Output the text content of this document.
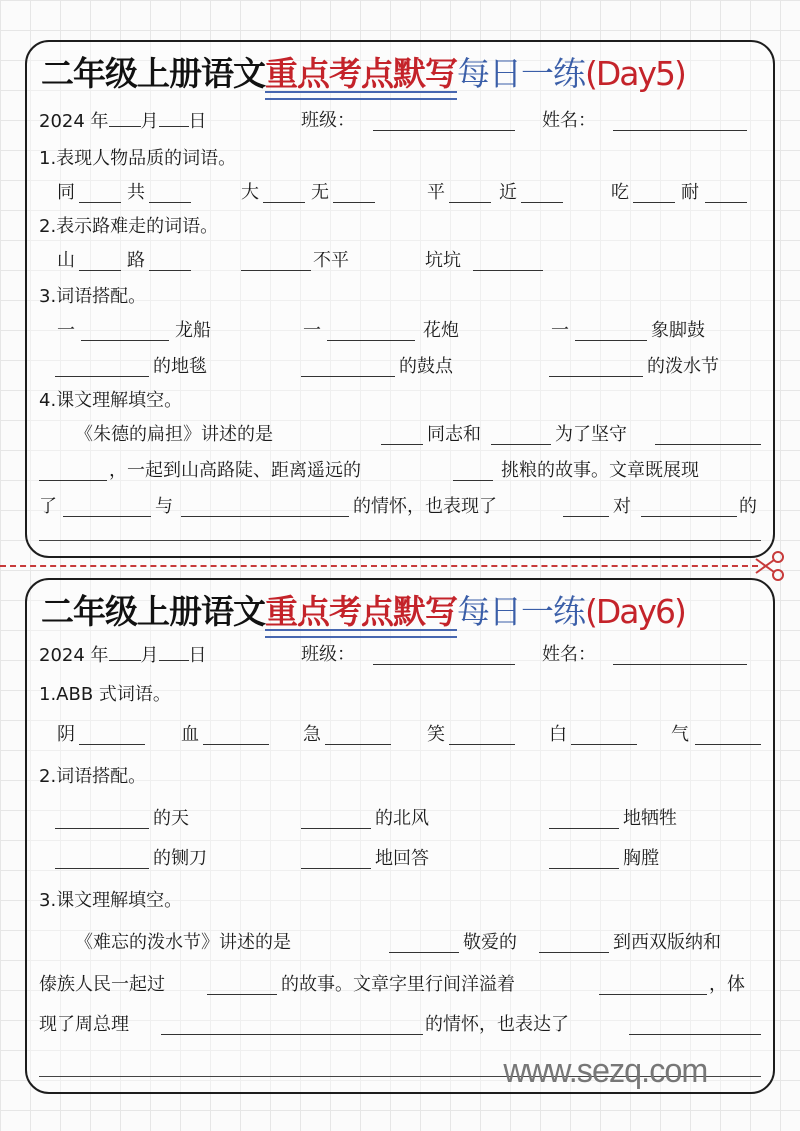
二年级上册语文重点考点默写每日一练(Day5)
2024 年 月 日	班级：	姓名：
1.表现人物品质的词语。
同	共	大	无	平	近	吃	耐
2.表示路难走的词语。
山	路	不平	坑坑
3.词语搭配。
一	龙船	一	花炮	一	象脚鼓
的地毯	的鼓点	的泼水节
4.课文理解填空。
《朱德的扁担》讲述的是	同志和	为了坚守
，一起到山高路陡、距离遥远的	挑粮的故事。文章既展现
了	与	的情怀，也表现了	对	的
二年级上册语文重点考点默写每日一练(Day6)
2024 年 月 日	班级：	姓名：
1.ABB 式词语。
阴	血	急	笑	白	气
2.词语搭配。
的天	的北风	地牺牲
的铡刀	地回答	胸膛
3.课文理解填空。
《难忘的泼水节》讲述的是	敬爱的	到西双版纳和
傣族人民一起过	的故事。文章字里行间洋溢着	，体
现了周总理	的情怀，也表达了
www.sezq.com
